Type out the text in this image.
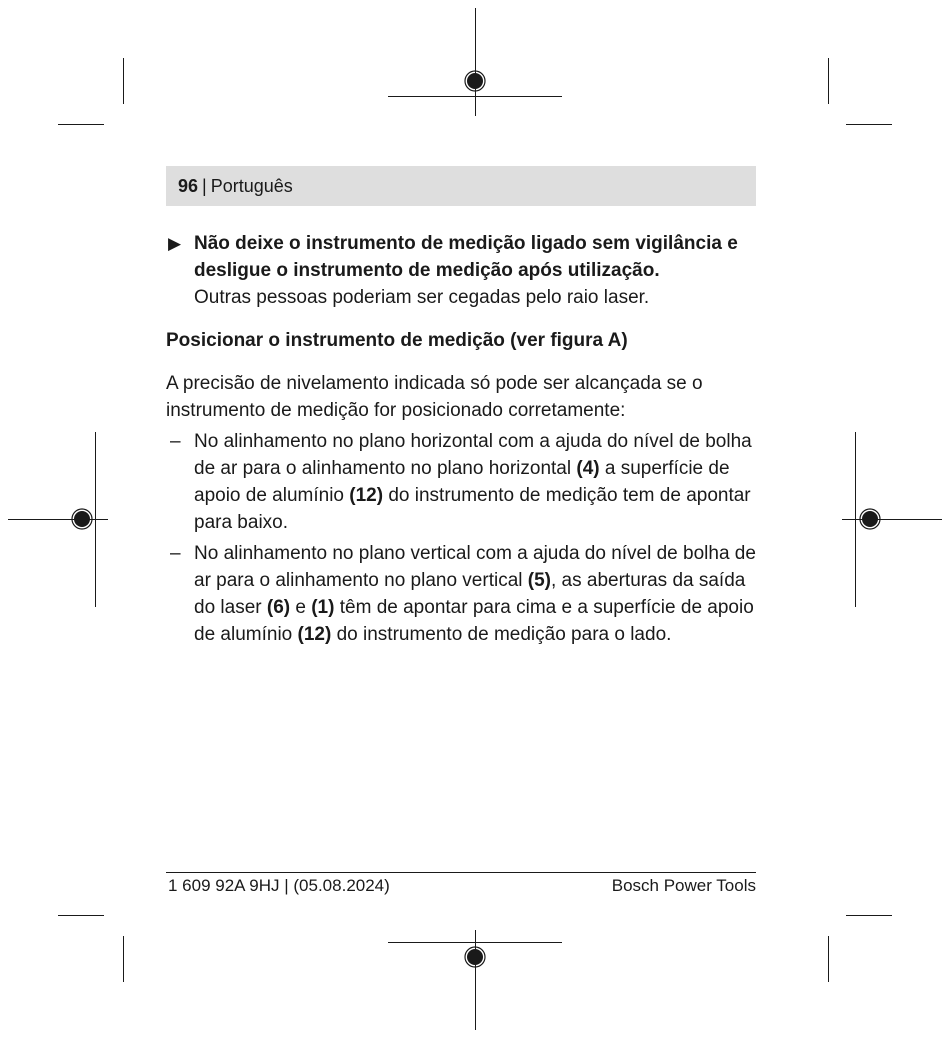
96 | Português
▶ Não deixe o instrumento de medição ligado sem vigilância e desligue o instrumento de medição após utilização.
Outras pessoas poderiam ser cegadas pelo raio laser.
Posicionar o instrumento de medição (ver figura A)
A precisão de nivelamento indicada só pode ser alcançada se o instrumento de medição for posicionado corretamente:
– No alinhamento no plano horizontal com a ajuda do nível de bolha de ar para o alinhamento no plano horizontal (4) a superfície de apoio de alumínio (12) do instrumento de medição tem de apontar para baixo.
– No alinhamento no plano vertical com a ajuda do nível de bolha de ar para o alinhamento no plano vertical (5), as aberturas da saída do laser (6) e (1) têm de apontar para cima e a superfície de apoio de alumínio (12) do instrumento de medição para o lado.
1 609 92A 9HJ | (05.08.2024)	Bosch Power Tools
